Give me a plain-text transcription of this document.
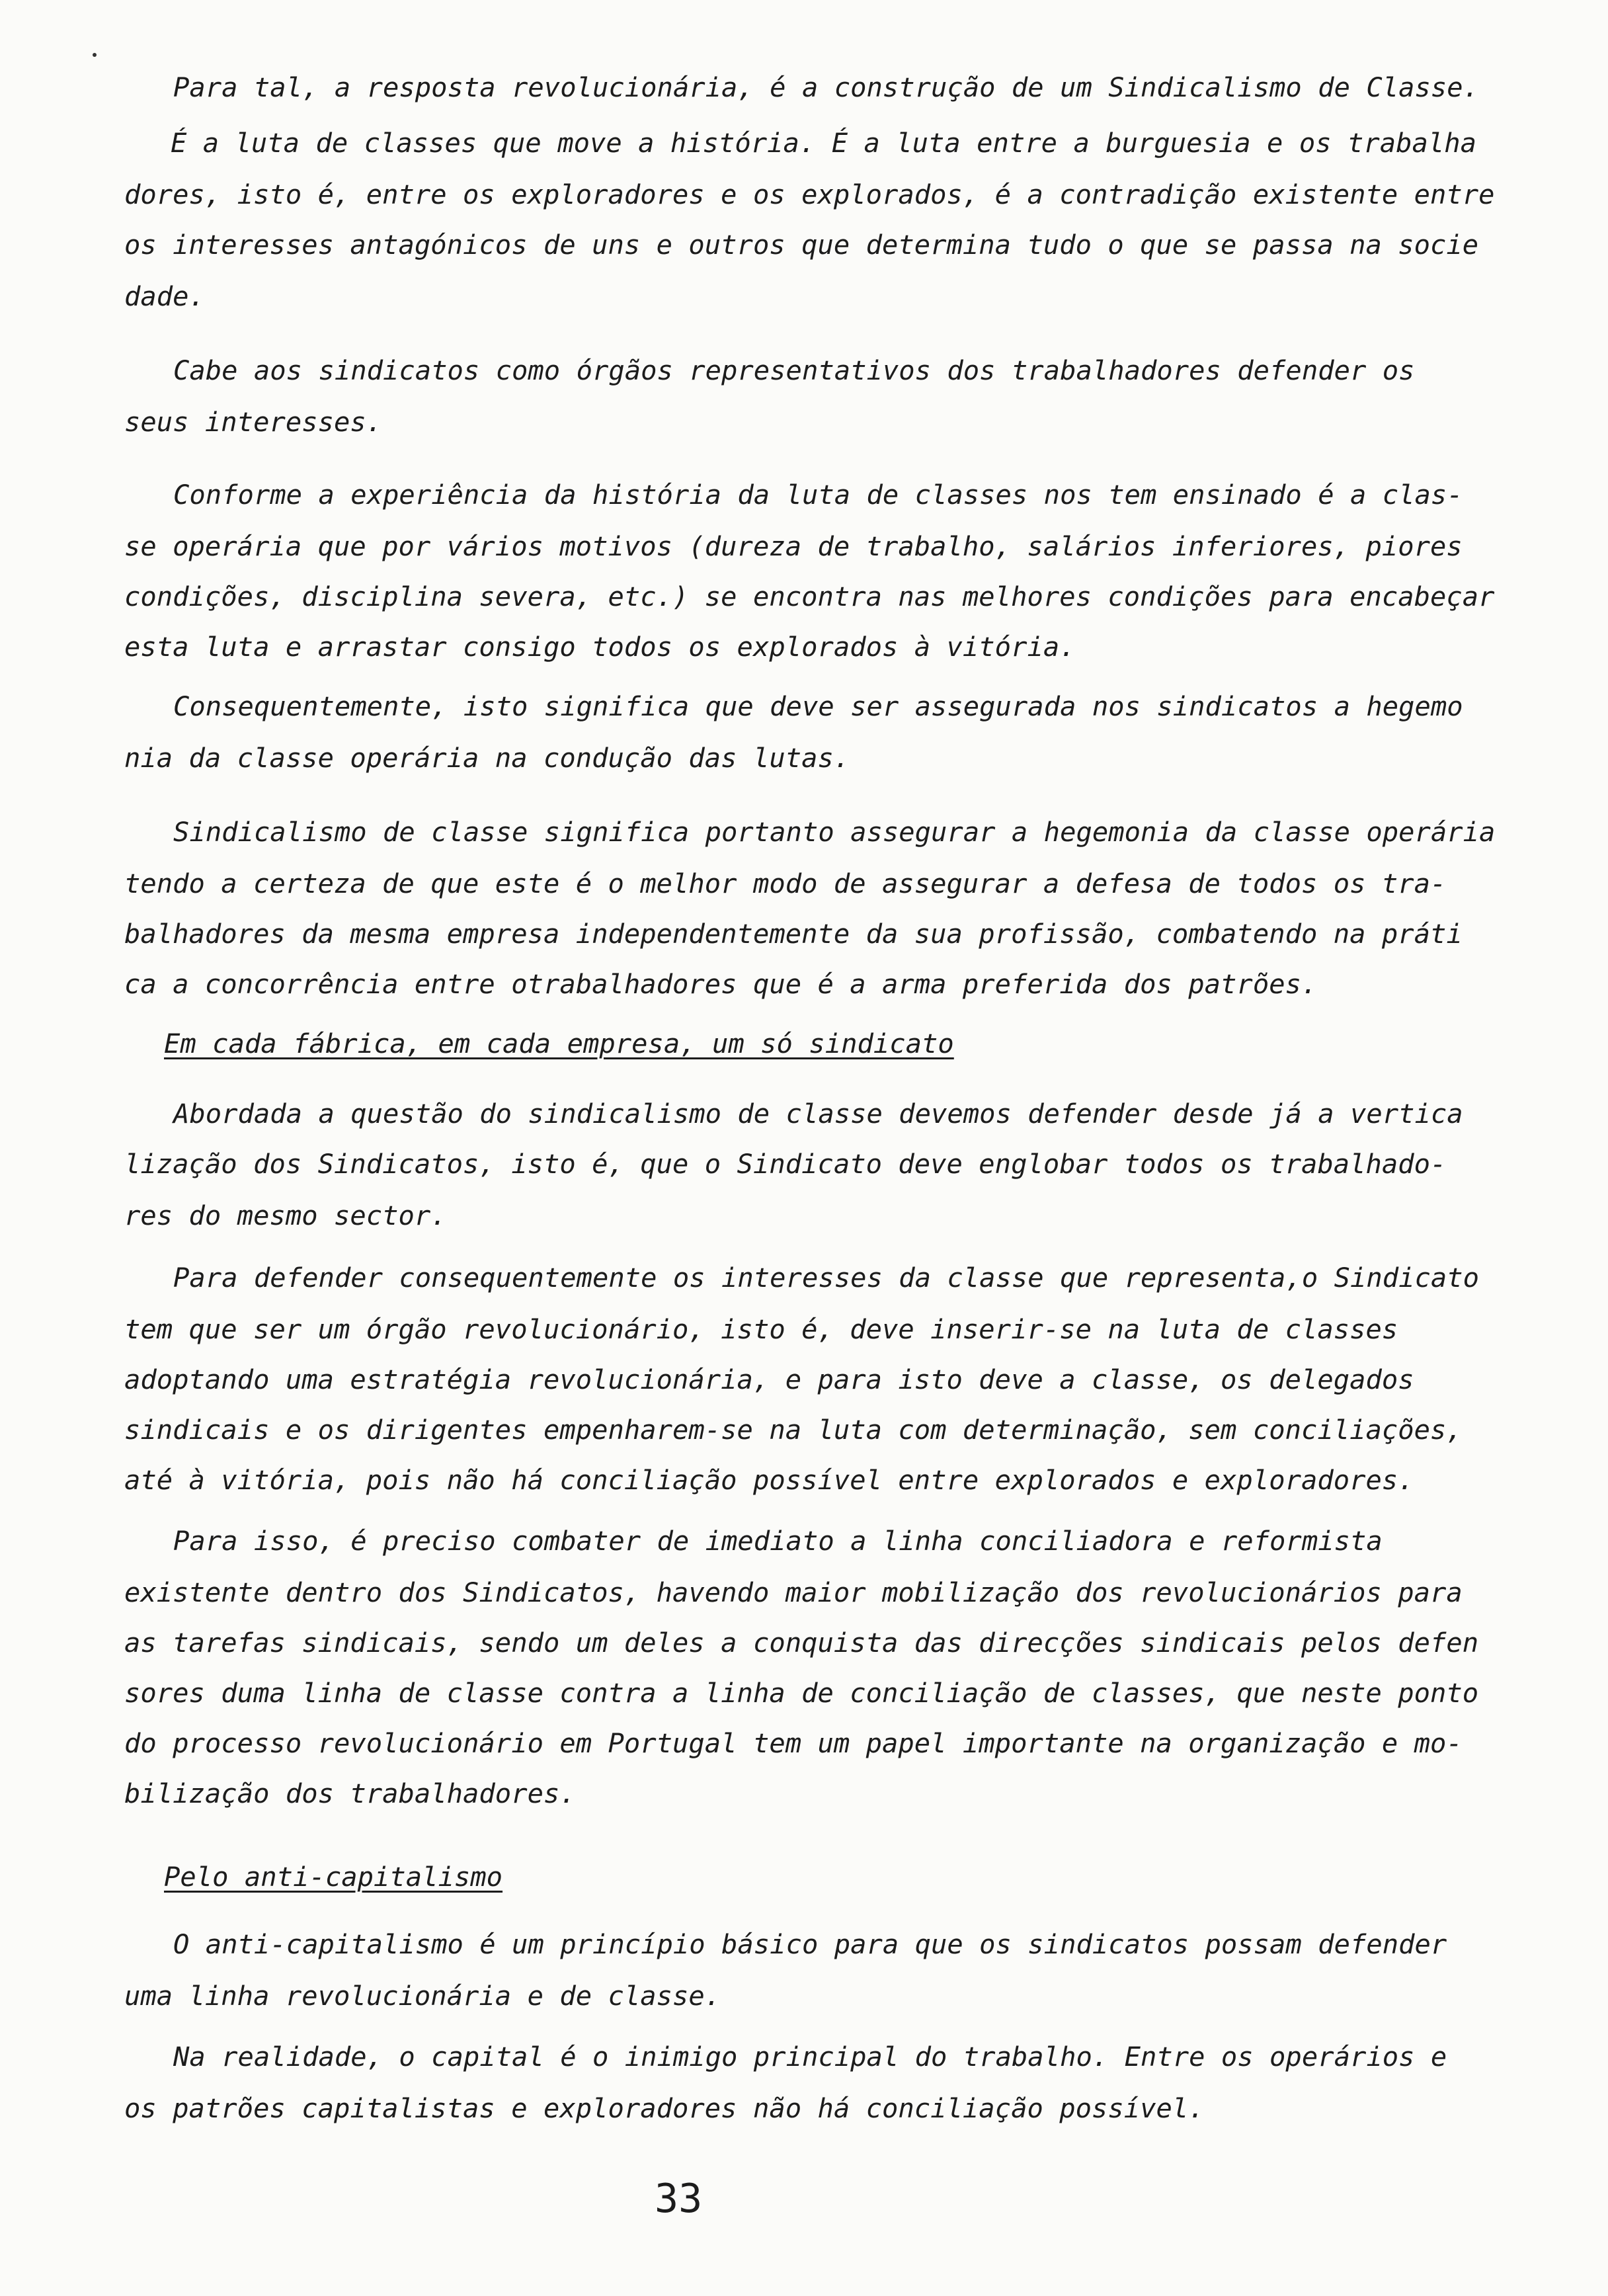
Para tal, a resposta revolucionária, é a construção de um Sindicalismo de Classe.
É a luta de classes que move a história. É a luta entre a burguesia e os trabalha
dores, isto é, entre os exploradores e os explorados, é a contradição existente entre
os interesses antagónicos de uns e outros que determina tudo o que se passa na socie
dade.
Cabe aos sindicatos como órgãos representativos dos trabalhadores defender os
seus interesses.
Conforme a experiência da história da luta de classes nos tem ensinado é a clas-
se operária que por vários motivos (dureza de trabalho, salários inferiores, piores
condições, disciplina severa, etc.) se encontra nas melhores condições para encabeçar
esta luta e arrastar consigo todos os explorados à vitória.
Consequentemente, isto significa que deve ser assegurada nos sindicatos a hegemo
nia da classe operária na condução das lutas.
Sindicalismo de classe significa portanto assegurar a hegemonia da classe operária
tendo a certeza de que este é o melhor modo de assegurar a defesa de todos os tra-
balhadores da mesma empresa independentemente da sua profissão, combatendo na práti
ca a concorrência entre otrabalhadores que é a arma preferida dos patrões.
Em cada fábrica, em cada empresa, um só sindicato
Abordada a questão do sindicalismo de classe devemos defender desde já a vertica
lização dos Sindicatos, isto é, que o Sindicato deve englobar todos os trabalhado-
res do mesmo sector.
Para defender consequentemente os interesses da classe que representa,o Sindicato
tem que ser um órgão revolucionário, isto é, deve inserir-se na luta de classes
adoptando uma estratégia revolucionária, e para isto deve a classe, os delegados
sindicais e os dirigentes empenharem-se na luta com determinação, sem conciliações,
até à vitória, pois não há conciliação possível entre explorados e exploradores.
Para isso, é preciso combater de imediato a linha conciliadora e reformista
existente dentro dos Sindicatos, havendo maior mobilização dos revolucionários para
as tarefas sindicais, sendo um deles a conquista das direcções sindicais pelos defen
sores duma linha de classe contra a linha de conciliação de classes, que neste ponto
do processo revolucionário em Portugal tem um papel importante na organização e mo-
bilização dos trabalhadores.
Pelo anti-capitalismo
O anti-capitalismo é um princípio básico para que os sindicatos possam defender
uma linha revolucionária e de classe.
Na realidade, o capital é o inimigo principal do trabalho. Entre os operários e
os patrões capitalistas e exploradores não há conciliação possível.
33
